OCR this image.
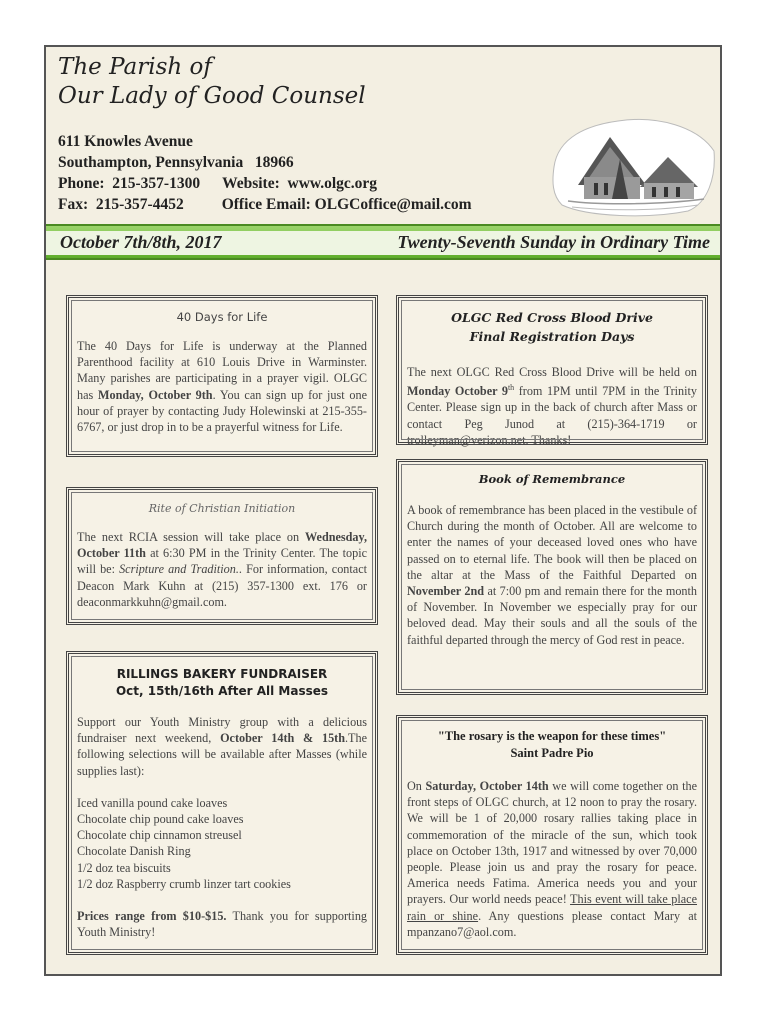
The Parish of
Our Lady of Good Counsel
611 Knowles Avenue
Southampton, Pennsylvania   18966
Phone:  215-357-1300 Website:  www.olgc.org
Fax:  215-357-4452 Office Email: OLGCoffice@mail.com
October 7th/8th, 2017	Twenty-Seventh Sunday in Ordinary Time
40 Days for Life

The 40 Days for Life is underway at the Planned Parenthood facility at 610 Louis Drive in Warminster. Many parishes are participating in a prayer vigil. OLGC has Monday, October 9th. You can sign up for just one hour of prayer by contacting Judy Holewinski at 215-355-6767, or just drop in to be a prayerful witness for Life.

OLGC Red Cross Blood Drive
Final Registration Days

The next OLGC Red Cross Blood Drive will be held on Monday October 9th from 1PM until 7PM in the Trinity Center. Please sign up in the back of church after Mass or contact Peg Junod at (215)-364-1719 or trolleyman@verizon.net. Thanks!

Rite of Christian Initiation

The next RCIA session will take place on Wednesday, October 11th at 6:30 PM in the Trinity Center. The topic will be: Scripture and Tradition.. For information, contact Deacon Mark Kuhn at (215) 357-1300 ext. 176 or deaconmarkkuhn@gmail.com.

Book of Remembrance

A book of remembrance has been placed in the vestibule of Church during the month of October. All are welcome to enter the names of your deceased loved ones who have passed on to eternal life. The book will then be placed on the altar at the Mass of the Faithful Departed on November 2nd at 7:00 pm and remain there for the month of November. In November we especially pray for our beloved dead. May their souls and all the souls of the faithful departed through the mercy of God rest in peace.

RILLINGS BAKERY FUNDRAISER
Oct, 15th/16th After All Masses

Support our Youth Ministry group with a delicious fundraiser next weekend, October 14th & 15th.The following selections will be available after Masses (while supplies last):

Iced vanilla pound cake loaves
Chocolate chip pound cake loaves
Chocolate chip cinnamon streusel
Chocolate Danish Ring
1/2 doz tea biscuits
1/2 doz Raspberry crumb linzer tart cookies

Prices range from $10-$15. Thank you for supporting Youth Ministry!

"The rosary is the weapon for these times"
Saint Padre Pio

On Saturday, October 14th we will come together on the front steps of OLGC church, at 12 noon to pray the rosary. We will be 1 of 20,000 rosary rallies taking place in commemoration of the miracle of the sun, which took place on October 13th, 1917 and witnessed by over 70,000 people. Please join us and pray the rosary for peace. America needs Fatima. America needs you and your prayers. Our world needs peace! This event will take place rain or shine. Any questions please contact Mary at mpanzano7@aol.com.
